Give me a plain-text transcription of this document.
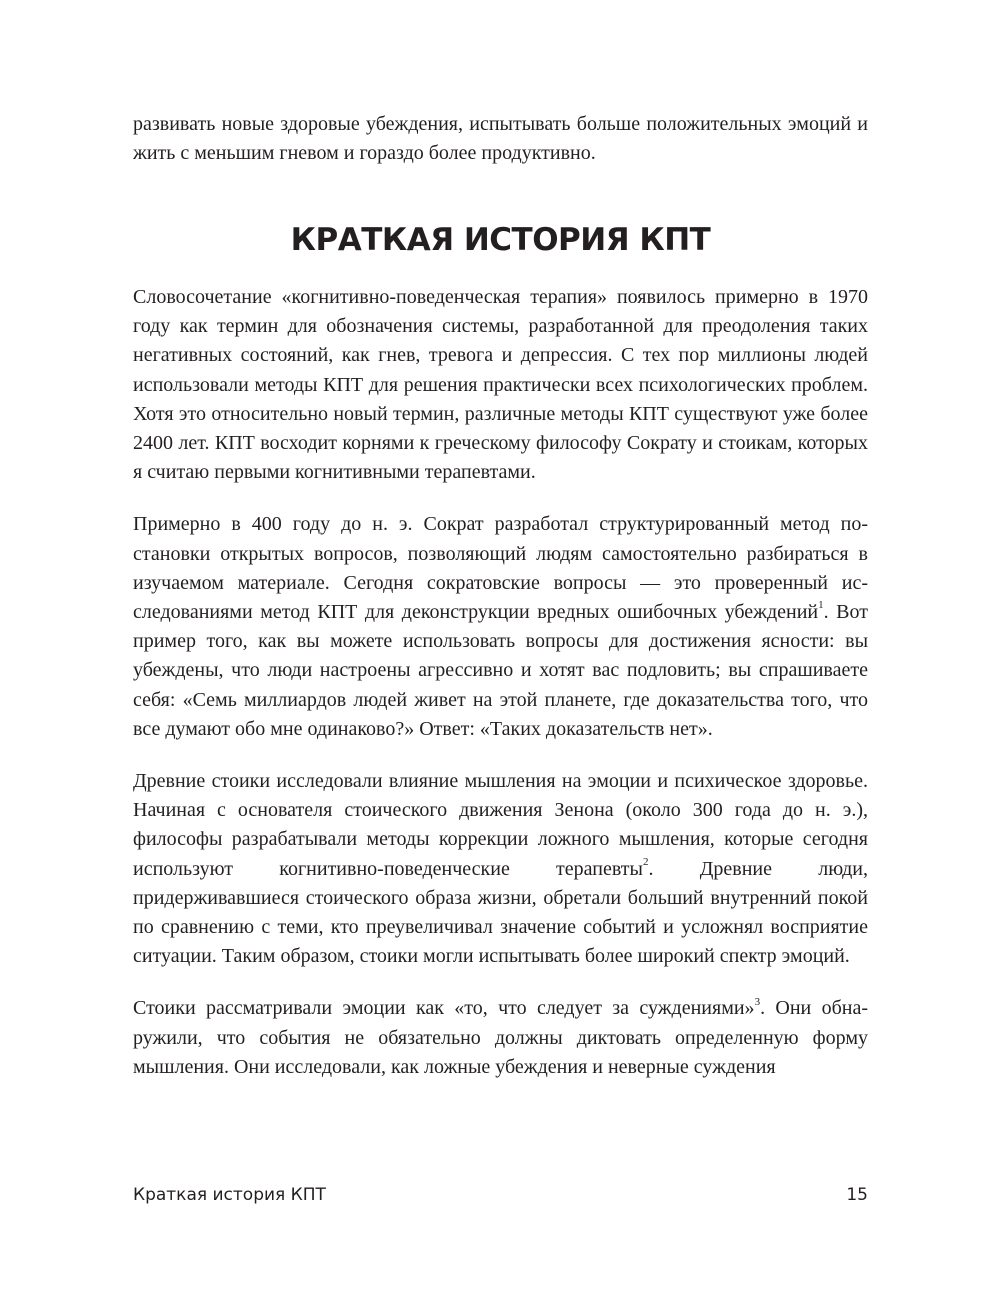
развивать новые здоровые убеждения, испытывать больше положительных эмоций и жить с меньшим гневом и гораздо более продуктивно.

КРАТКАЯ ИСТОРИЯ КПТ

Словосочетание «когнитивно-поведенческая терапия» появилось примерно в 1970 году как термин для обозначения системы, разработанной для преодоления таких негативных состояний, как гнев, тревога и депрессия. С тех пор миллионы людей использовали методы КПТ для решения практически всех психологических проблем. Хотя это относительно новый термин, различные методы КПТ существуют уже более 2400 лет. КПТ восходит корнями к греческому философу Сократу и стоикам, которых я считаю первыми когнитивными терапевтами.

Примерно в 400 году до н. э. Сократ разработал структурированный метод постановки открытых вопросов, позволяющий людям самостоятельно разбираться в изучаемом материале. Сегодня сократовские вопросы — это проверенный исследованиями метод КПТ для деконструкции вредных ошибочных убеждений$^1$. Вот пример того, как вы можете использовать вопросы для достижения ясности: вы убеждены, что люди настроены агрессивно и хотят вас подловить; вы спрашиваете себя: «Семь миллиардов людей живет на этой планете, где доказательства того, что все думают обо мне одинаково?» Ответ: «Таких доказательств нет».

Древние стоики исследовали влияние мышления на эмоции и психическое здоровье. Начиная с основателя стоического движения Зенона (около 300 года до н. э.), философы разрабатывали методы коррекции ложного мышления, которые сегодня используют когнитивно-поведенческие терапевты$^2$. Древние люди, придерживавшиеся стоического образа жизни, обретали больший внутренний покой по сравнению с теми, кто преувеличивал значение событий и усложнял восприятие ситуации. Таким образом, стоики могли испытывать более широкий спектр эмоций.

Стоики рассматривали эмоции как «то, что следует за суждениями»$^3$. Они обнаружили, что события не обязательно должны диктовать определенную форму мышления. Они исследовали, как ложные убеждения и неверные суждения

Краткая история КПТ	15
